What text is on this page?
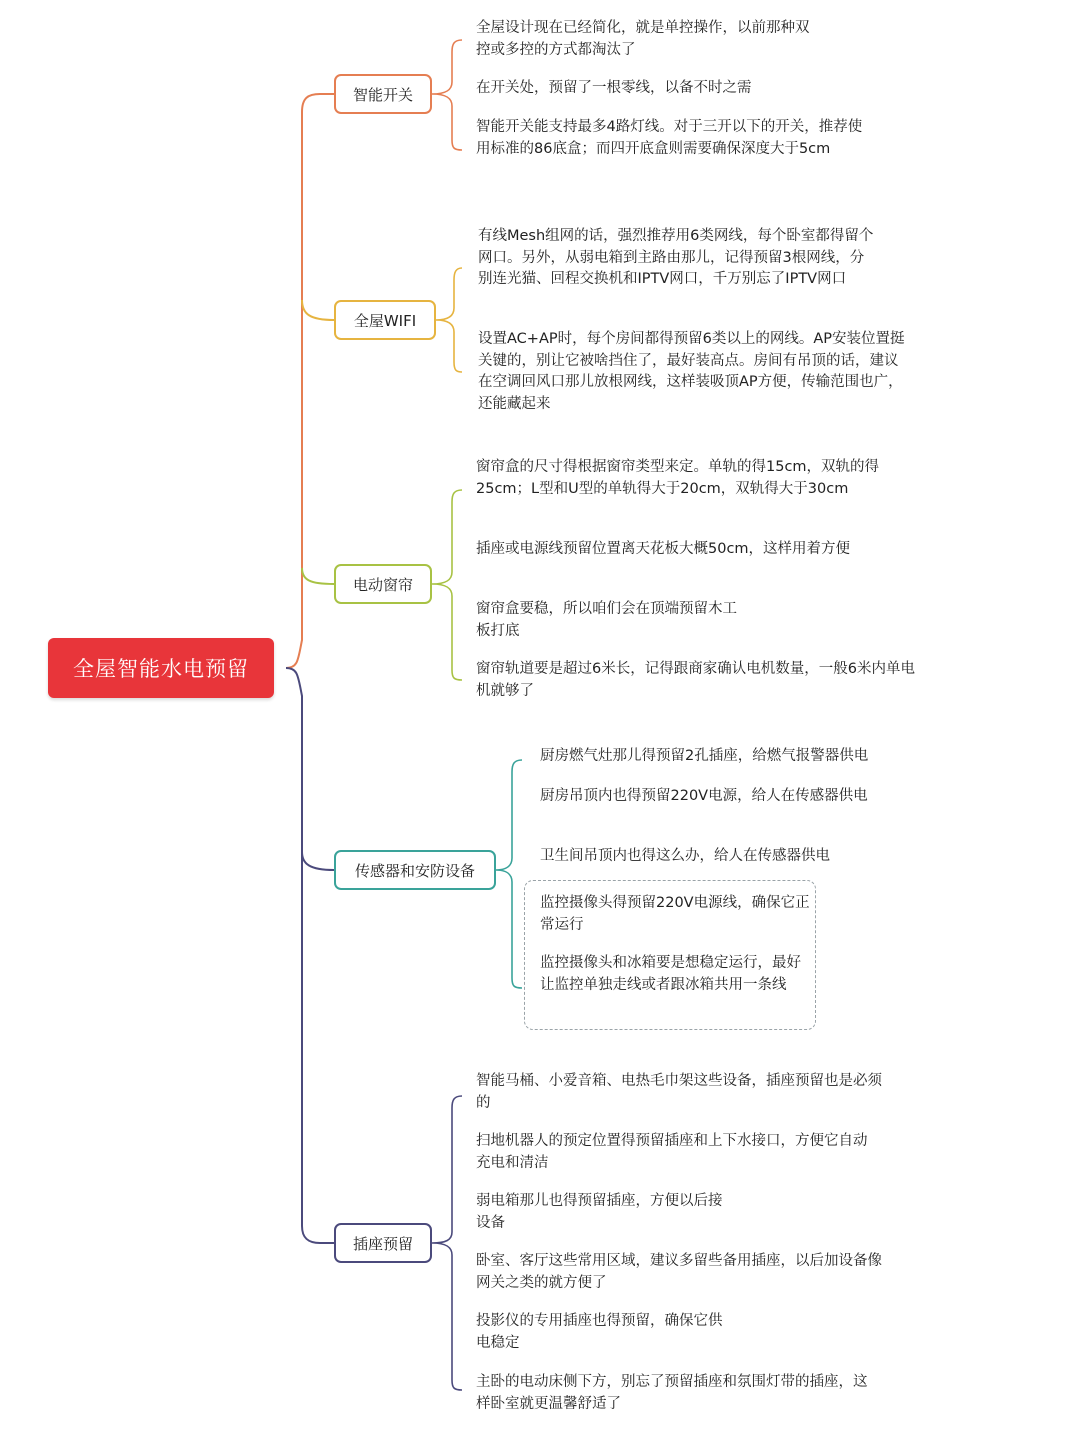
全屋智能水电预留
智能开关
全屋WIFI
电动窗帘
传感器和安防设备
插座预留

全屋设计现在已经简化，就是单控操作，以前那种双控或多控的方式都淘汰了

在开关处，预留了一根零线，以备不时之需

智能开关能支持最多4路灯线。对于三开以下的开关，推荐使用标准的86底盒；而四开底盒则需要确保深度大于5cm

有线Mesh组网的话，强烈推荐用6类网线，每个卧室都得留个网口。另外，从弱电箱到主路由那儿，记得预留3根网线，分别连光猫、回程交换机和IPTV网口，千万别忘了IPTV网口

设置AC+AP时，每个房间都得预留6类以上的网线。AP安装位置挺关键的，别让它被啥挡住了，最好装高点。房间有吊顶的话，建议在空调回风口那儿放根网线，这样装吸顶AP方便，传输范围也广，还能藏起来

窗帘盒的尺寸得根据窗帘类型来定。单轨的得15cm，双轨的得25cm；L型和U型的单轨得大于20cm，双轨得大于30cm

插座或电源线预留位置离天花板大概50cm，这样用着方便

窗帘盒要稳，所以咱们会在顶端预留木工板打底

窗帘轨道要是超过6米长，记得跟商家确认电机数量，一般6米内单电机就够了

厨房燃气灶那儿得预留2孔插座，给燃气报警器供电

厨房吊顶内也得预留220V电源，给人在传感器供电

卫生间吊顶内也得这么办，给人在传感器供电

监控摄像头得预留220V电源线，确保它正常运行

监控摄像头和冰箱要是想稳定运行，最好让监控单独走线或者跟冰箱共用一条线

智能马桶、小爱音箱、电热毛巾架这些设备，插座预留也是必须的

扫地机器人的预定位置得预留插座和上下水接口，方便它自动充电和清洁

弱电箱那儿也得预留插座，方便以后接设备

卧室、客厅这些常用区域，建议多留些备用插座，以后加设备像网关之类的就方便了

投影仪的专用插座也得预留，确保它供电稳定

主卧的电动床侧下方，别忘了预留插座和氛围灯带的插座，这样卧室就更温馨舒适了
